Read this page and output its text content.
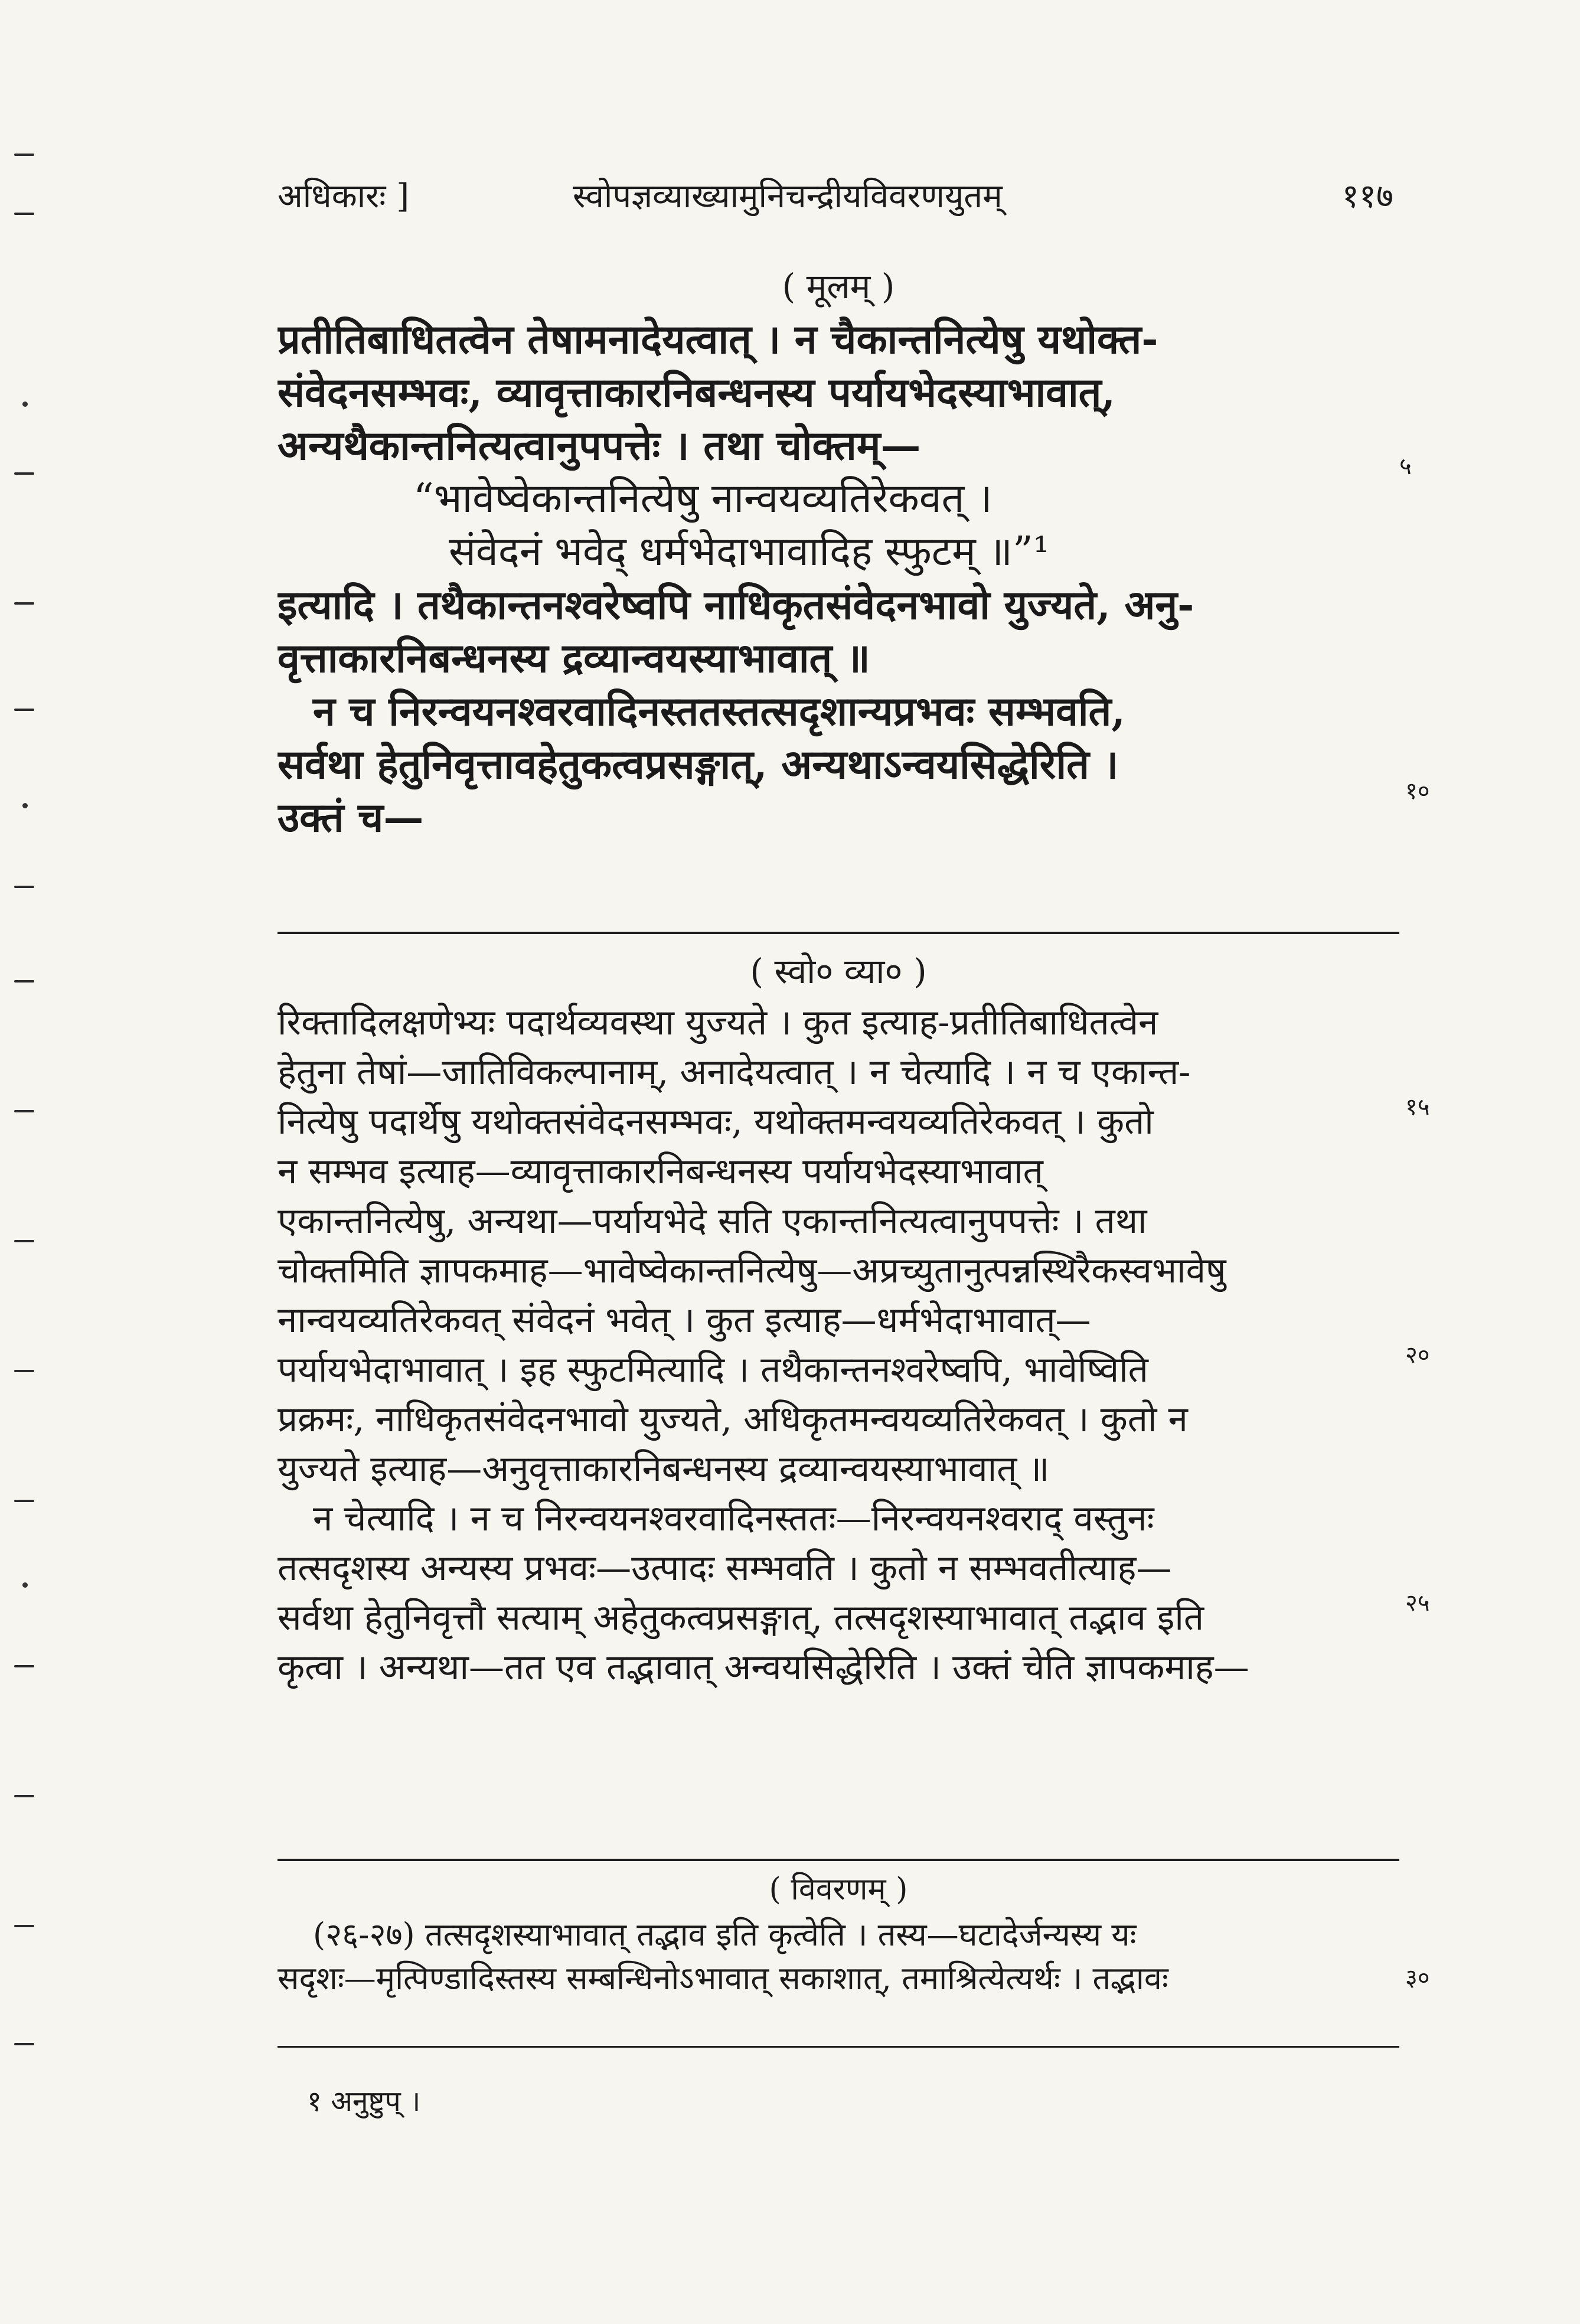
अधिकारः ]	स्वोपज्ञव्याख्यामुनिचन्द्रीयविवरणयुतम्	११७
( मूलम् )
प्रतीतिबाधितत्वेन तेषामनादेयत्वात् । न चैकान्तनित्येषु यथोक्त-
संवेदनसम्भवः, व्यावृत्ताकारनिबन्धनस्य पर्यायभेदस्याभावात्,
अन्यथैकान्तनित्यत्वानुपपत्तेः । तथा चोक्तम्—
“भावेष्वेकान्तनित्येषु नान्वयव्यतिरेकवत् ।
संवेदनं भवेद् धर्मभेदाभावादिह स्फुटम् ॥”¹
इत्यादि । तथैकान्तनश्वरेष्वपि नाधिकृतसंवेदनभावो युज्यते, अनु-
वृत्ताकारनिबन्धनस्य द्रव्यान्वयस्याभावात् ॥
न च निरन्वयनश्वरवादिनस्ततस्तत्सदृशान्यप्रभवः सम्भवति,
सर्वथा हेतुनिवृत्तावहेतुकत्वप्रसङ्गात्, अन्यथाऽन्वयसिद्धेरिति ।
उक्तं च—
५
१०
( स्वो० व्या० )
रिक्तादिलक्षणेभ्यः पदार्थव्यवस्था युज्यते । कुत इत्याह-प्रतीतिबाधितत्वेन
हेतुना तेषां—जातिविकल्पानाम्, अनादेयत्वात् । न चेत्यादि । न च एकान्त-
नित्येषु पदार्थेषु यथोक्तसंवेदनसम्भवः, यथोक्तमन्वयव्यतिरेकवत् । कुतो
न सम्भव इत्याह—व्यावृत्ताकारनिबन्धनस्य पर्यायभेदस्याभावात्
एकान्तनित्येषु, अन्यथा—पर्यायभेदे सति एकान्तनित्यत्वानुपपत्तेः । तथा
चोक्तमिति ज्ञापकमाह—भावेष्वेकान्तनित्येषु—अप्रच्युतानुत्पन्नस्थिरैकस्वभावेषु
नान्वयव्यतिरेकवत् संवेदनं भवेत् । कुत इत्याह—धर्मभेदाभावात्—
पर्यायभेदाभावात् । इह स्फुटमित्यादि । तथैकान्तनश्वरेष्वपि, भावेष्विति
प्रक्रमः, नाधिकृतसंवेदनभावो युज्यते, अधिकृतमन्वयव्यतिरेकवत् । कुतो न
युज्यते इत्याह—अनुवृत्ताकारनिबन्धनस्य द्रव्यान्वयस्याभावात् ॥
न चेत्यादि । न च निरन्वयनश्वरवादिनस्ततः—निरन्वयनश्वराद् वस्तुनः
तत्सदृशस्य अन्यस्य प्रभवः—उत्पादः सम्भवति । कुतो न सम्भवतीत्याह—
सर्वथा हेतुनिवृत्तौ सत्याम् अहेतुकत्वप्रसङ्गात्, तत्सदृशस्याभावात् तद्भाव इति
कृत्वा । अन्यथा—तत एव तद्भावात् अन्वयसिद्धेरिति । उक्तं चेति ज्ञापकमाह—
१५
२०
२५
( विवरणम् )
(२६-२७) तत्सदृशस्याभावात् तद्भाव इति कृत्वेति । तस्य—घटादेर्जन्यस्य यः
सदृशः—मृत्पिण्डादिस्तस्य सम्बन्धिनोऽभावात् सकाशात्, तमाश्रित्येत्यर्थः । तद्भावः	३०
१ अनुष्टुप् ।
